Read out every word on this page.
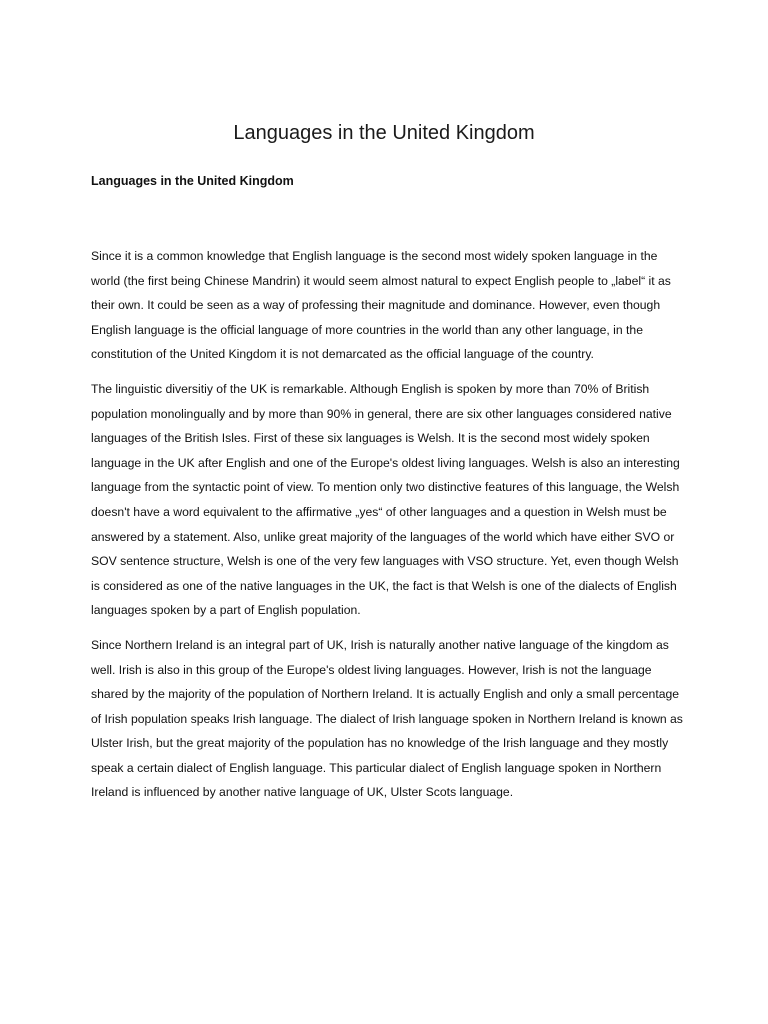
Languages in the United Kingdom
Languages in the United Kingdom

Since it is a common knowledge that English language is the second most widely spoken language in the world (the first being Chinese Mandrin) it would seem almost natural to expect English people to „label“ it as their own. It could be seen as a way of professing their magnitude and dominance. However, even though English language is the official language of more countries in the world than any other language, in the constitution of the United Kingdom it is not demarcated as the official language of the country.

The linguistic diversitiy of the UK is remarkable. Although English is spoken by more than 70% of British population monolingually and by more than 90% in general, there are six other languages considered native languages of the British Isles. First of these six languages is Welsh. It is the second most widely spoken language in the UK after English and one of the Europe's oldest living languages. Welsh is also an interesting language from the syntactic point of view. To mention only two distinctive features of this language, the Welsh doesn't have a word equivalent to the affirmative „yes“ of other languages and a question in Welsh must be answered by a statement. Also, unlike great majority of the languages of the world which have either SVO or SOV sentence structure, Welsh is one of the very few languages with VSO structure. Yet, even though Welsh is considered as one of the native languages in the UK, the fact is that Welsh is one of the dialects of English languages spoken by a part of English population.

Since Northern Ireland is an integral part of UK, Irish is naturally another native language of the kingdom as well. Irish is also in this group of the Europe's oldest living languages. However, Irish is not the language shared by the majority of the population of Northern Ireland. It is actually English and only a small percentage of Irish population speaks Irish language. The dialect of Irish language spoken in Northern Ireland is known as Ulster Irish, but the great majority of the population has no knowledge of the Irish language and they mostly speak a certain dialect of English language. This particular dialect of English language spoken in Northern Ireland is influenced by another native language of UK, Ulster Scots language.
